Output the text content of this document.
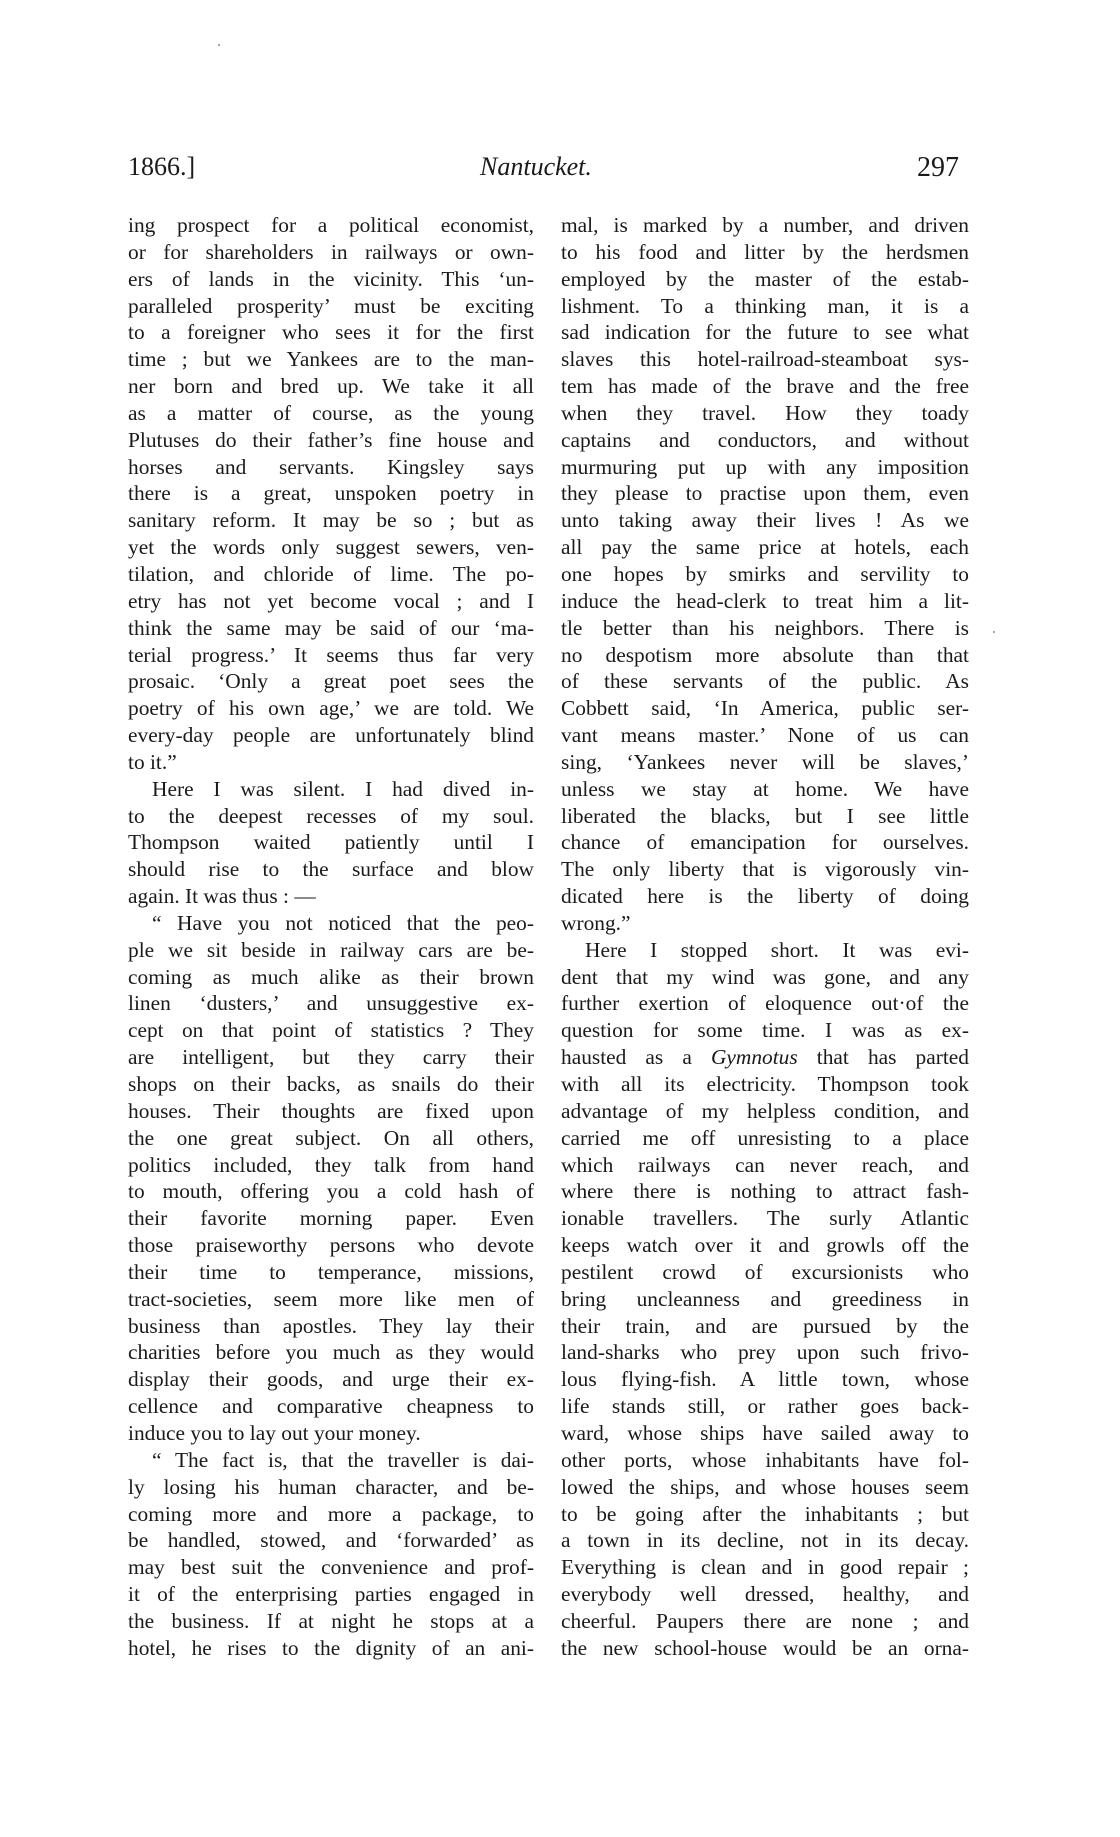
1866.]	Nantucket.	297
ing prospect for a political economist,
or for shareholders in railways or own-
ers of lands in the vicinity. This ‘un-
paralleled prosperity’ must be exciting
to a foreigner who sees it for the first
time ; but we Yankees are to the man-
ner born and bred up. We take it all
as a matter of course, as the young
Plutuses do their father’s fine house and
horses and servants. Kingsley says
there is a great, unspoken poetry in
sanitary reform. It may be so ; but as
yet the words only suggest sewers, ven-
tilation, and chloride of lime. The po-
etry has not yet become vocal ; and I
think the same may be said of our ‘ma-
terial progress.’ It seems thus far very
prosaic. ‘Only a great poet sees the
poetry of his own age,’ we are told. We
every-day people are unfortunately blind
to it.”
Here I was silent. I had dived in-
to the deepest recesses of my soul.
Thompson waited patiently until I
should rise to the surface and blow
again. It was thus : —
“ Have you not noticed that the peo-
ple we sit beside in railway cars are be-
coming as much alike as their brown
linen ‘dusters,’ and unsuggestive ex-
cept on that point of statistics ? They
are intelligent, but they carry their
shops on their backs, as snails do their
houses. Their thoughts are fixed upon
the one great subject. On all others,
politics included, they talk from hand
to mouth, offering you a cold hash of
their favorite morning paper. Even
those praiseworthy persons who devote
their time to temperance, missions,
tract-societies, seem more like men of
business than apostles. They lay their
charities before you much as they would
display their goods, and urge their ex-
cellence and comparative cheapness to
induce you to lay out your money.
“ The fact is, that the traveller is dai-
ly losing his human character, and be-
coming more and more a package, to
be handled, stowed, and ‘forwarded’ as
may best suit the convenience and prof-
it of the enterprising parties engaged in
the business. If at night he stops at a
hotel, he rises to the dignity of an ani-
mal, is marked by a number, and driven
to his food and litter by the herdsmen
employed by the master of the estab-
lishment. To a thinking man, it is a
sad indication for the future to see what
slaves this hotel-railroad-steamboat sys-
tem has made of the brave and the free
when they travel. How they toady
captains and conductors, and without
murmuring put up with any imposition
they please to practise upon them, even
unto taking away their lives ! As we
all pay the same price at hotels, each
one hopes by smirks and servility to
induce the head-clerk to treat him a lit-
tle better than his neighbors. There is
no despotism more absolute than that
of these servants of the public. As
Cobbett said, ‘In America, public ser-
vant means master.’ None of us can
sing, ‘Yankees never will be slaves,’
unless we stay at home. We have
liberated the blacks, but I see little
chance of emancipation for ourselves.
The only liberty that is vigorously vin-
dicated here is the liberty of doing
wrong.”
Here I stopped short. It was evi-
dent that my wind was gone, and any
further exertion of eloquence out·of the
question for some time. I was as ex-
hausted as a Gymnotus that has parted
with all its electricity. Thompson took
advantage of my helpless condition, and
carried me off unresisting to a place
which railways can never reach, and
where there is nothing to attract fash-
ionable travellers. The surly Atlantic
keeps watch over it and growls off the
pestilent crowd of excursionists who
bring uncleanness and greediness in
their train, and are pursued by the
land-sharks who prey upon such frivo-
lous flying-fish. A little town, whose
life stands still, or rather goes back-
ward, whose ships have sailed away to
other ports, whose inhabitants have fol-
lowed the ships, and whose houses seem
to be going after the inhabitants ; but
a town in its decline, not in its decay.
Everything is clean and in good repair ;
everybody well dressed, healthy, and
cheerful. Paupers there are none ; and
the new school-house would be an orna-
